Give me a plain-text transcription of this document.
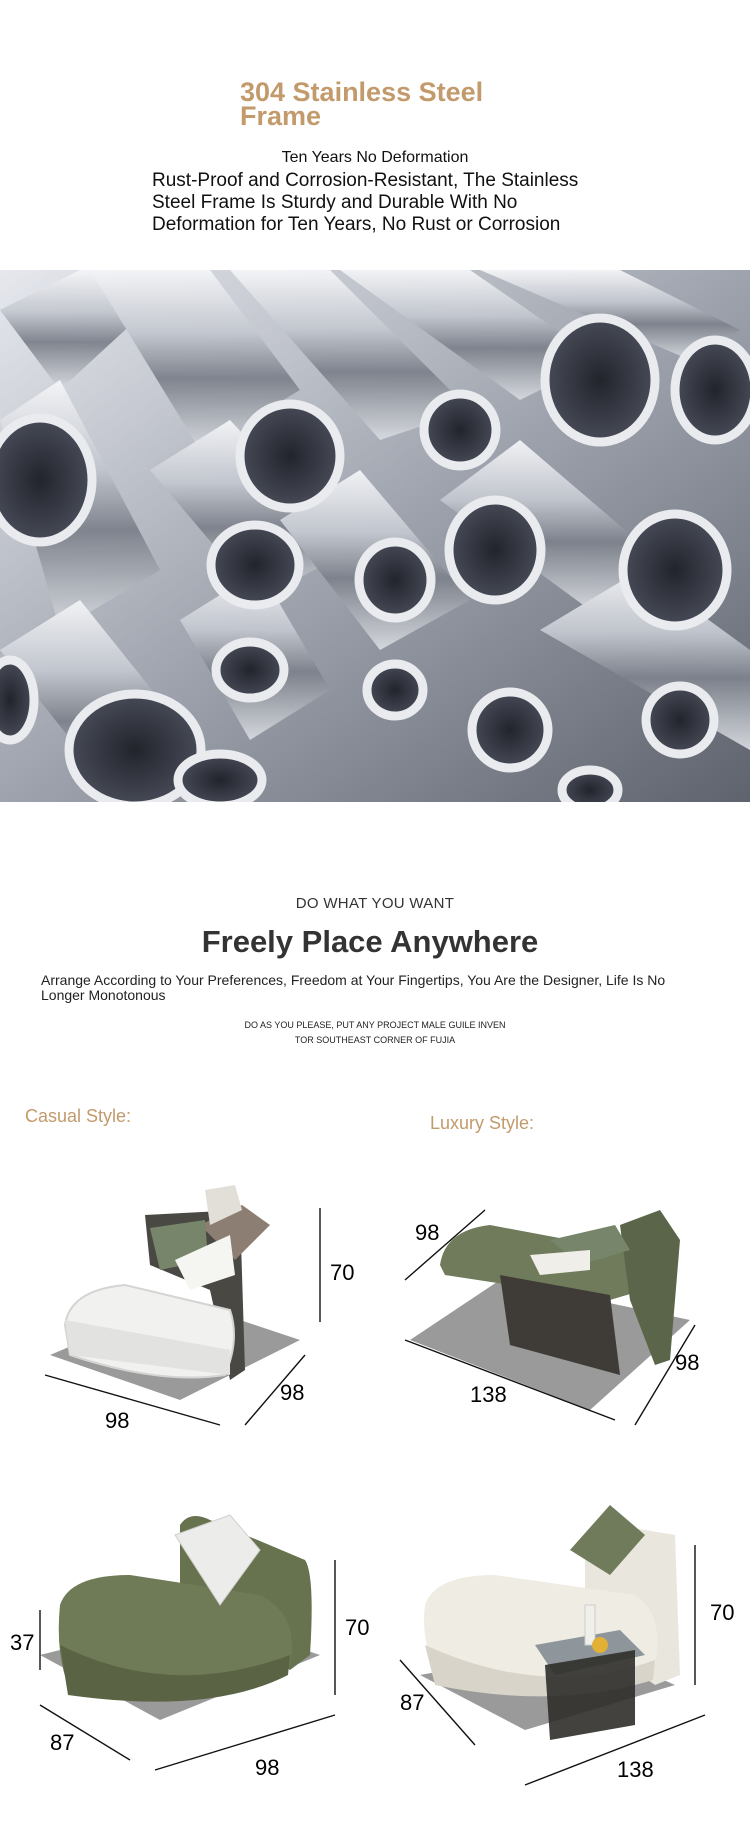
304 Stainless Steel Frame
Ten Years No Deformation
Rust-Proof and Corrosion-Resistant, The Stainless Steel Frame Is Sturdy and Durable With No Deformation for Ten Years, No Rust or Corrosion
DO WHAT YOU WANT
Freely Place Anywhere
Arrange According to Your Preferences, Freedom at Your Fingertips, You Are the Designer, Life Is No Longer Monotonous
DO AS YOU PLEASE, PUT ANY PROJECT MALE GUILE INVEN
TOR SOUTHEAST CORNER OF FUJIA
Casual Style:	Luxury Style:
70
98
98
98
138
98
37
70
87
98
70
87
138
